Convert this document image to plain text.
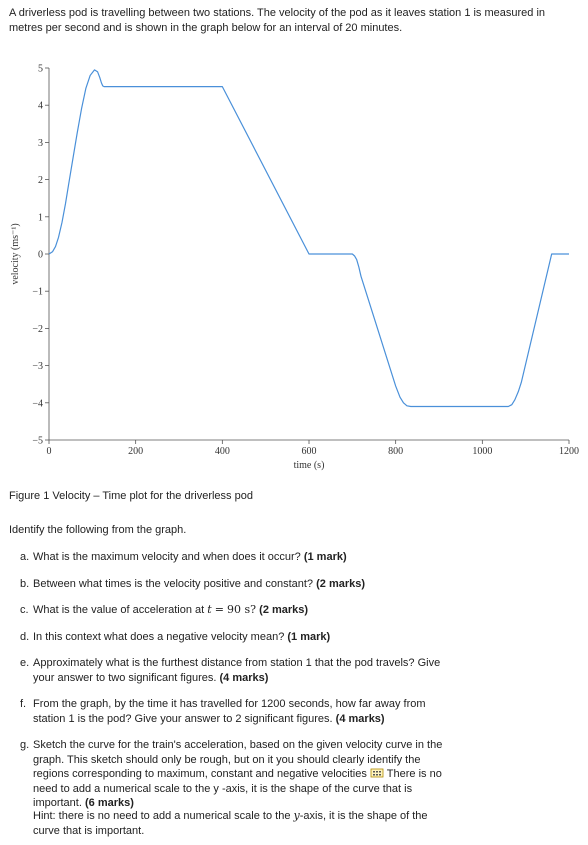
A driverless pod is travelling between two stations. The velocity of the pod as it leaves station 1 is measured in metres per second and is shown in the graph below for an interval of 20 minutes.
5
4
3
2
1
0
−1
−2
−3
−4
−5
0	200	400	600	800	1000	1200
time (s)
velocity (ms⁻¹)
Figure 1 Velocity – Time plot for the driverless pod
Identify the following from the graph.
a. What is the maximum velocity and when does it occur? (1 mark)
b. Between what times is the velocity positive and constant? (2 marks)
c. What is the value of acceleration at t = 90 s? (2 marks)
d. In this context what does a negative velocity mean? (1 mark)
e. Approximately what is the furthest distance from station 1 that the pod travels? Give your answer to two significant figures. (4 marks)
f. From the graph, by the time it has travelled for 1200 seconds, how far away from station 1 is the pod? Give your answer to 2 significant figures. (4 marks)
g. Sketch the curve for the train's acceleration, based on the given velocity curve in the graph. This sketch should only be rough, but on it you should clearly identify the regions corresponding to maximum, constant and negative velocities There is no need to add a numerical scale to the y -axis, it is the shape of the curve that is important. (6 marks)
Hint: there is no need to add a numerical scale to the y-axis, it is the shape of the curve that is important.
